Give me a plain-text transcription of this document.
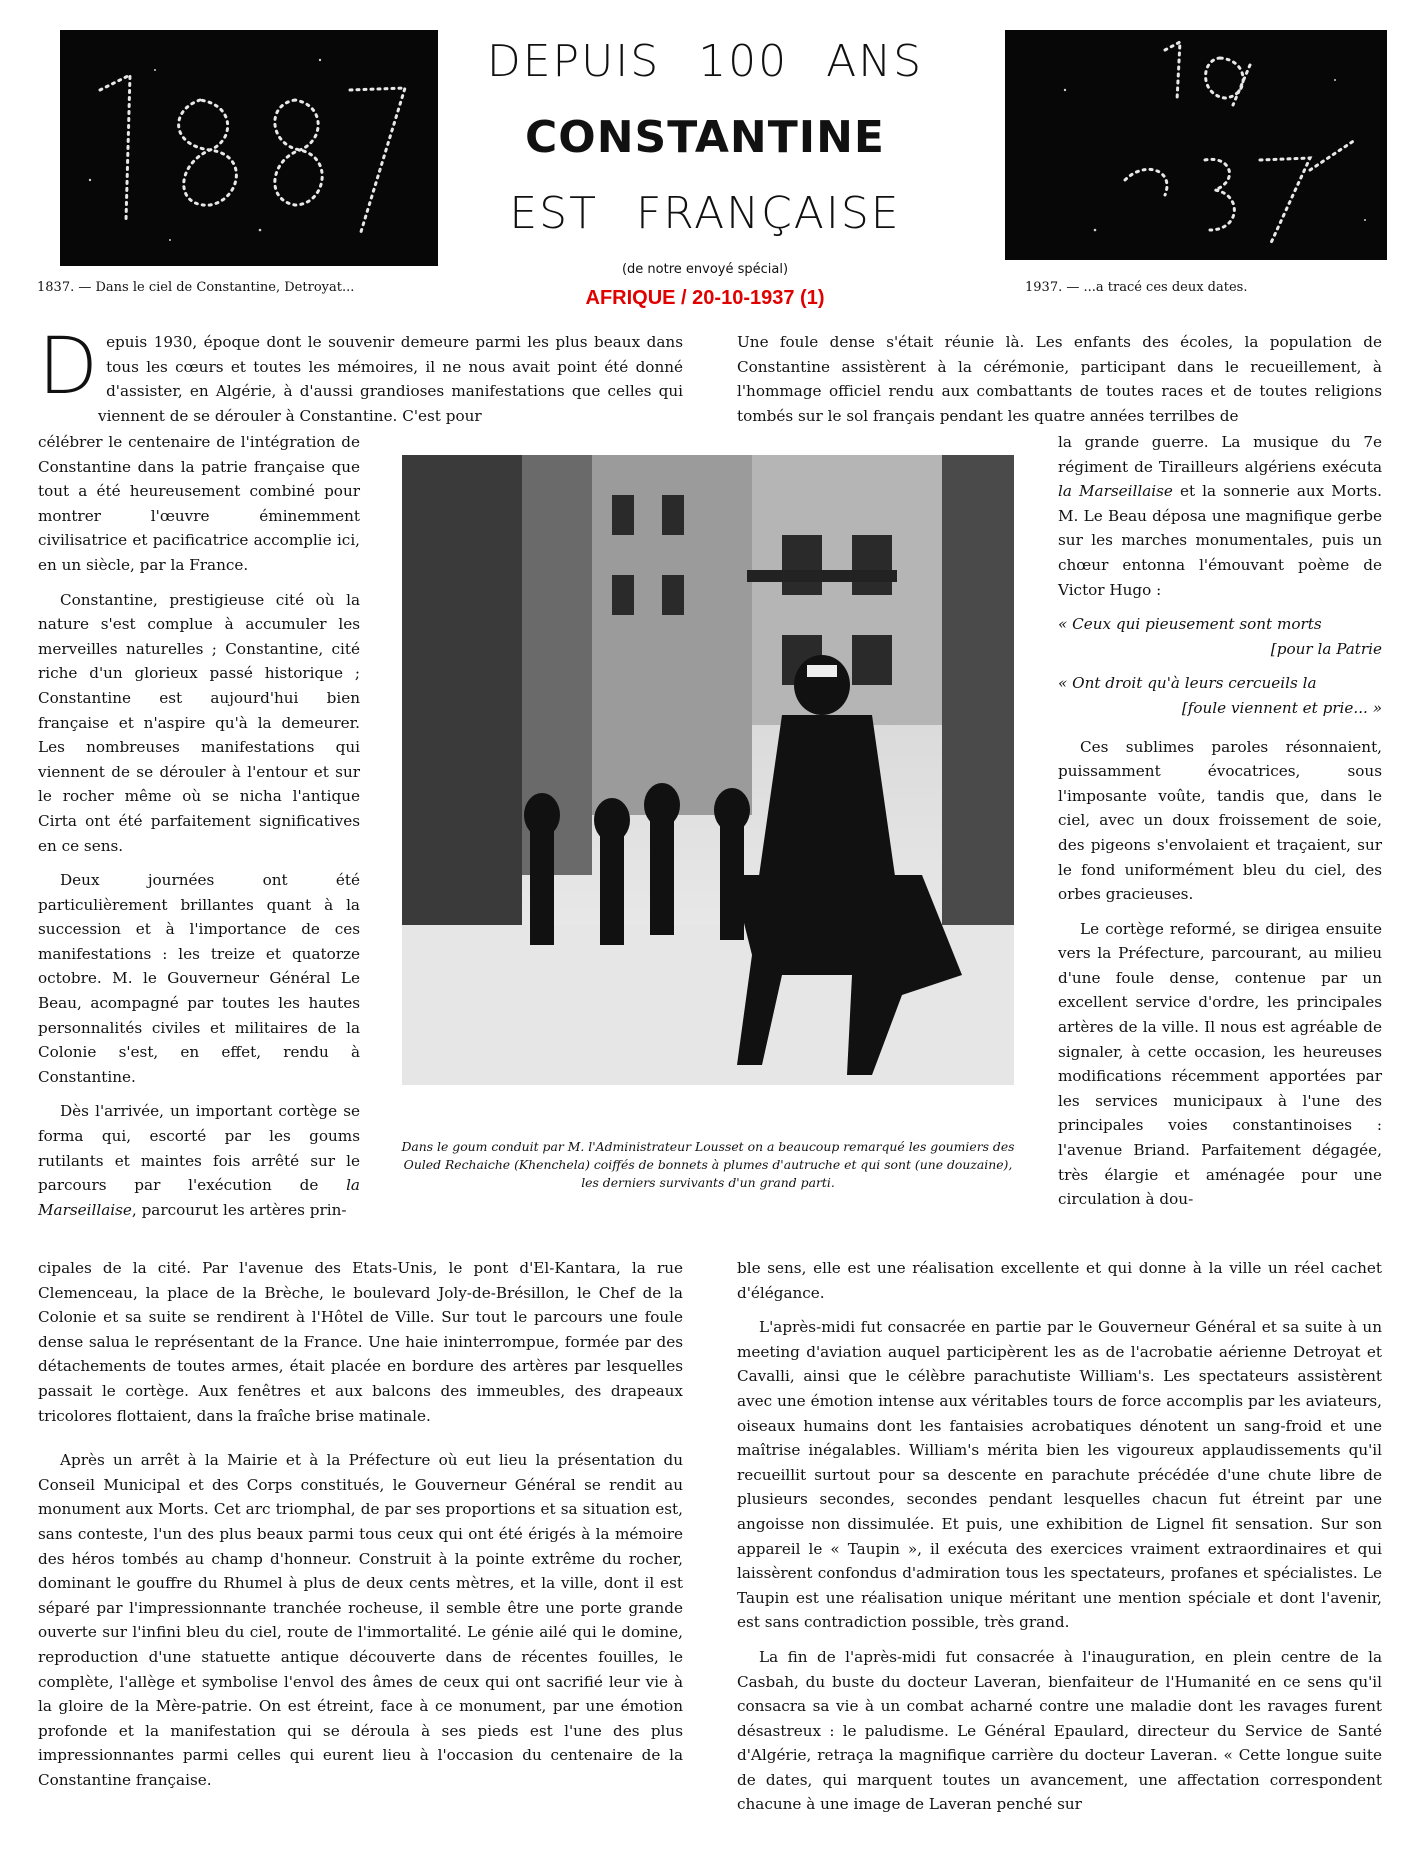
1837. — Dans le ciel de Constantine, Detroyat...	1937. — ...a tracé ces deux dates.
DEPUIS 100 ANS
CONSTANTINE
EST FRANÇAISE
(de notre envoyé spécial)
AFRIQUE / 20-10-1937 (1)
D epuis 1930, époque dont le souvenir demeure parmi les plus beaux dans tous les cœurs et toutes les mémoires, il ne nous avait point été donné d'assister, en Algérie, à d'aussi grandioses manifestations que celles qui viennent de se dérouler à Constantine. C'est pour

célébrer le centenaire de l'intégration de Constantine dans la patrie française que tout a été heureusement combiné pour montrer l'œuvre éminemment civilisatrice et pacificatrice accomplie ici, en un siècle, par la France.

Constantine, prestigieuse cité où la nature s'est complue à accumuler les merveilles naturelles ; Constantine, cité riche d'un glorieux passé historique ; Constantine est aujourd'hui bien française et n'aspire qu'à la demeurer. Les nombreuses manifestations qui viennent de se dérouler à l'entour et sur le rocher même où se nicha l'antique Cirta ont été parfaitement significatives en ce sens.

Deux journées ont été particulièrement brillantes quant à la succession et à l'importance de ces manifestations : les treize et quatorze octobre. M. le Gouverneur Général Le Beau, acompagné par toutes les hautes personnalités civiles et militaires de la Colonie s'est, en effet, rendu à Constantine.

Dès l'arrivée, un important cortège se forma qui, escorté par les goums rutilants et maintes fois arrêté sur le parcours par l'exécution de la Marseillaise, parcourut les artères prin-

Dans le goum conduit par M. l'Administrateur Lousset on a beaucoup remarqué les goumiers des Ouled Rechaiche (Khenchela) coiffés de bonnets à plumes d'autruche et qui sont (une douzaine), les derniers survivants d'un grand parti.

cipales de la cité. Par l'avenue des Etats-Unis, le pont d'El-Kantara, la rue Clemenceau, la place de la Brèche, le boulevard Joly-de-Brésillon, le Chef de la Colonie et sa suite se rendirent à l'Hôtel de Ville. Sur tout le parcours une foule dense salua le représentant de la France. Une haie ininterrompue, formée par des détachements de toutes armes, était placée en bordure des artères par lesquelles passait le cortège. Aux fenêtres et aux balcons des immeubles, des drapeaux tricolores flottaient, dans la fraîche brise matinale.

Après un arrêt à la Mairie et à la Préfecture où eut lieu la présentation du Conseil Municipal et des Corps constitués, le Gouverneur Général se rendit au monument aux Morts. Cet arc triomphal, de par ses proportions et sa situation est, sans conteste, l'un des plus beaux parmi tous ceux qui ont été érigés à la mémoire des héros tombés au champ d'honneur. Construit à la pointe extrême du rocher, dominant le gouffre du Rhumel à plus de deux cents mètres, et la ville, dont il est séparé par l'impressionnante tranchée rocheuse, il semble être une porte grande ouverte sur l'infini bleu du ciel, route de l'immortalité. Le génie ailé qui le domine, reproduction d'une statuette antique découverte dans de récentes fouilles, le complète, l'allège et symbolise l'envol des âmes de ceux qui ont sacrifié leur vie à la gloire de la Mère-patrie. On est étreint, face à ce monument, par une émotion profonde et la manifestation qui se déroula à ses pieds est l'une des plus impressionnantes parmi celles qui eurent lieu à l'occasion du centenaire de la Constantine française.

Une foule dense s'était réunie là. Les enfants des écoles, la population de Constantine assistèrent à la cérémonie, participant dans le recueillement, à l'hommage officiel rendu aux combattants de toutes races et de toutes religions tombés sur le sol français pendant les quatre années terrilbes de

la grande guerre. La musique du 7e régiment de Tirailleurs algériens exécuta la Marseillaise et la sonnerie aux Morts. M. Le Beau déposa une magnifique gerbe sur les marches monumentales, puis un chœur entonna l'émouvant poème de Victor Hugo :

« Ceux qui pieusement sont morts

[pour la Patrie

« Ont droit qu'à leurs cercueils la

[foule viennent et prie... »

Ces sublimes paroles résonnaient, puissamment évocatrices, sous l'imposante voûte, tandis que, dans le ciel, avec un doux froissement de soie, des pigeons s'envolaient et traçaient, sur le fond uniformément bleu du ciel, des orbes gracieuses.

Le cortège reformé, se dirigea ensuite vers la Préfecture, parcourant, au milieu d'une foule dense, contenue par un excellent service d'ordre, les principales artères de la ville. Il nous est agréable de signaler, à cette occasion, les heureuses modifications récemment apportées par les services municipaux à l'une des principales voies constantinoises : l'avenue Briand. Parfaitement dégagée, très élargie et aménagée pour une circulation à dou-

ble sens, elle est une réalisation excellente et qui donne à la ville un réel cachet d'élégance.

L'après-midi fut consacrée en partie par le Gouverneur Général et sa suite à un meeting d'aviation auquel participèrent les as de l'acrobatie aérienne Detroyat et Cavalli, ainsi que le célèbre parachutiste William's. Les spectateurs assistèrent avec une émotion intense aux véritables tours de force accomplis par les aviateurs, oiseaux humains dont les fantaisies acrobatiques dénotent un sang-froid et une maîtrise inégalables. William's mérita bien les vigoureux applaudissements qu'il recueillit surtout pour sa descente en parachute précédée d'une chute libre de plusieurs secondes, secondes pendant lesquelles chacun fut étreint par une angoisse non dissimulée. Et puis, une exhibition de Lignel fit sensation. Sur son appareil le « Taupin », il exécuta des exercices vraiment extraordinaires et qui laissèrent confondus d'admiration tous les spectateurs, profanes et spécialistes. Le Taupin est une réalisation unique méritant une mention spéciale et dont l'avenir, est sans contradiction possible, très grand.

La fin de l'après-midi fut consacrée à l'inauguration, en plein centre de la Casbah, du buste du docteur Laveran, bienfaiteur de l'Humanité en ce sens qu'il consacra sa vie à un combat acharné contre une maladie dont les ravages furent désastreux : le paludisme. Le Général Epaulard, directeur du Service de Santé d'Algérie, retraça la magnifique carrière du docteur Laveran. « Cette longue suite de dates, qui marquent toutes un avancement, une affectation correspondent chacune à une image de Laveran penché sur
